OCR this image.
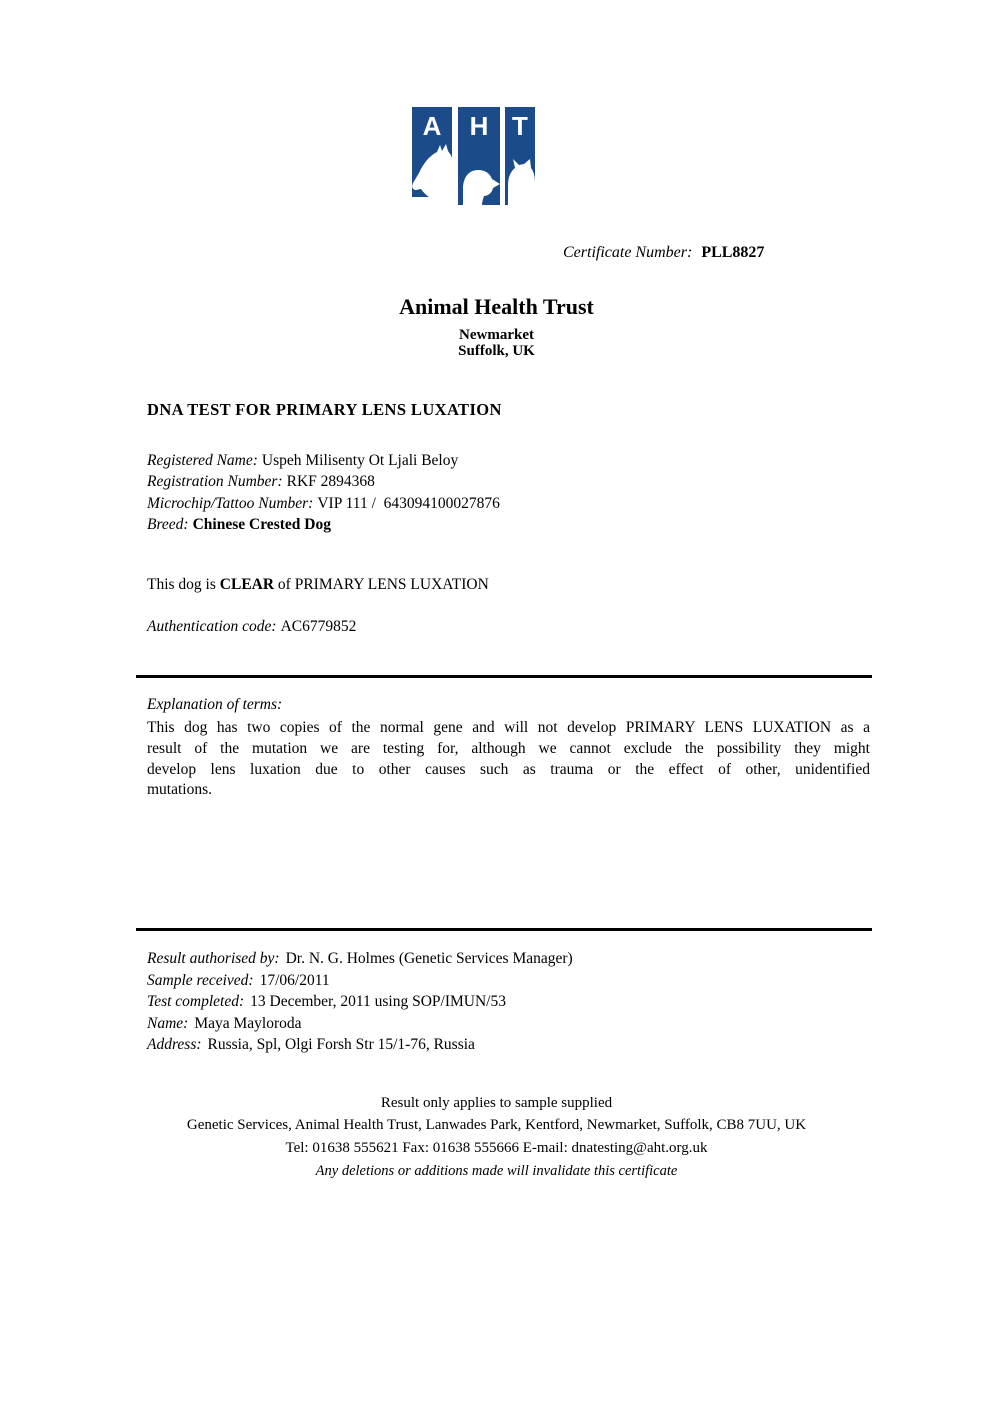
A	H T
Certificate Number: PLL8827
Animal Health Trust
Newmarket
Suffolk, UK
DNA TEST FOR PRIMARY LENS LUXATION
Registered Name: Uspeh Milisenty Ot Ljali Beloy
Registration Number: RKF 2894368
Microchip/Tattoo Number: VIP 111 /  643094100027876
Breed: Chinese Crested Dog
This dog is CLEAR of PRIMARY LENS LUXATION
Authentication code: AC6779852
Explanation of terms:
This dog has two copies of the normal gene and will not develop PRIMARY LENS LUXATION as a
result of the mutation we are testing for, although we cannot exclude the possibility they might
develop lens luxation due to other causes such as trauma or the effect of other, unidentified
mutations.
Result authorised by: Dr. N. G. Holmes (Genetic Services Manager)
Sample received: 17/06/2011
Test completed: 13 December, 2011 using SOP/IMUN/53
Name: Maya Mayloroda
Address: Russia, Spl, Olgi Forsh Str 15/1-76, Russia
Result only applies to sample supplied
Genetic Services, Animal Health Trust, Lanwades Park, Kentford, Newmarket, Suffolk, CB8 7UU, UK
Tel: 01638 555621 Fax: 01638 555666 E-mail: dnatesting@aht.org.uk
Any deletions or additions made will invalidate this certificate
